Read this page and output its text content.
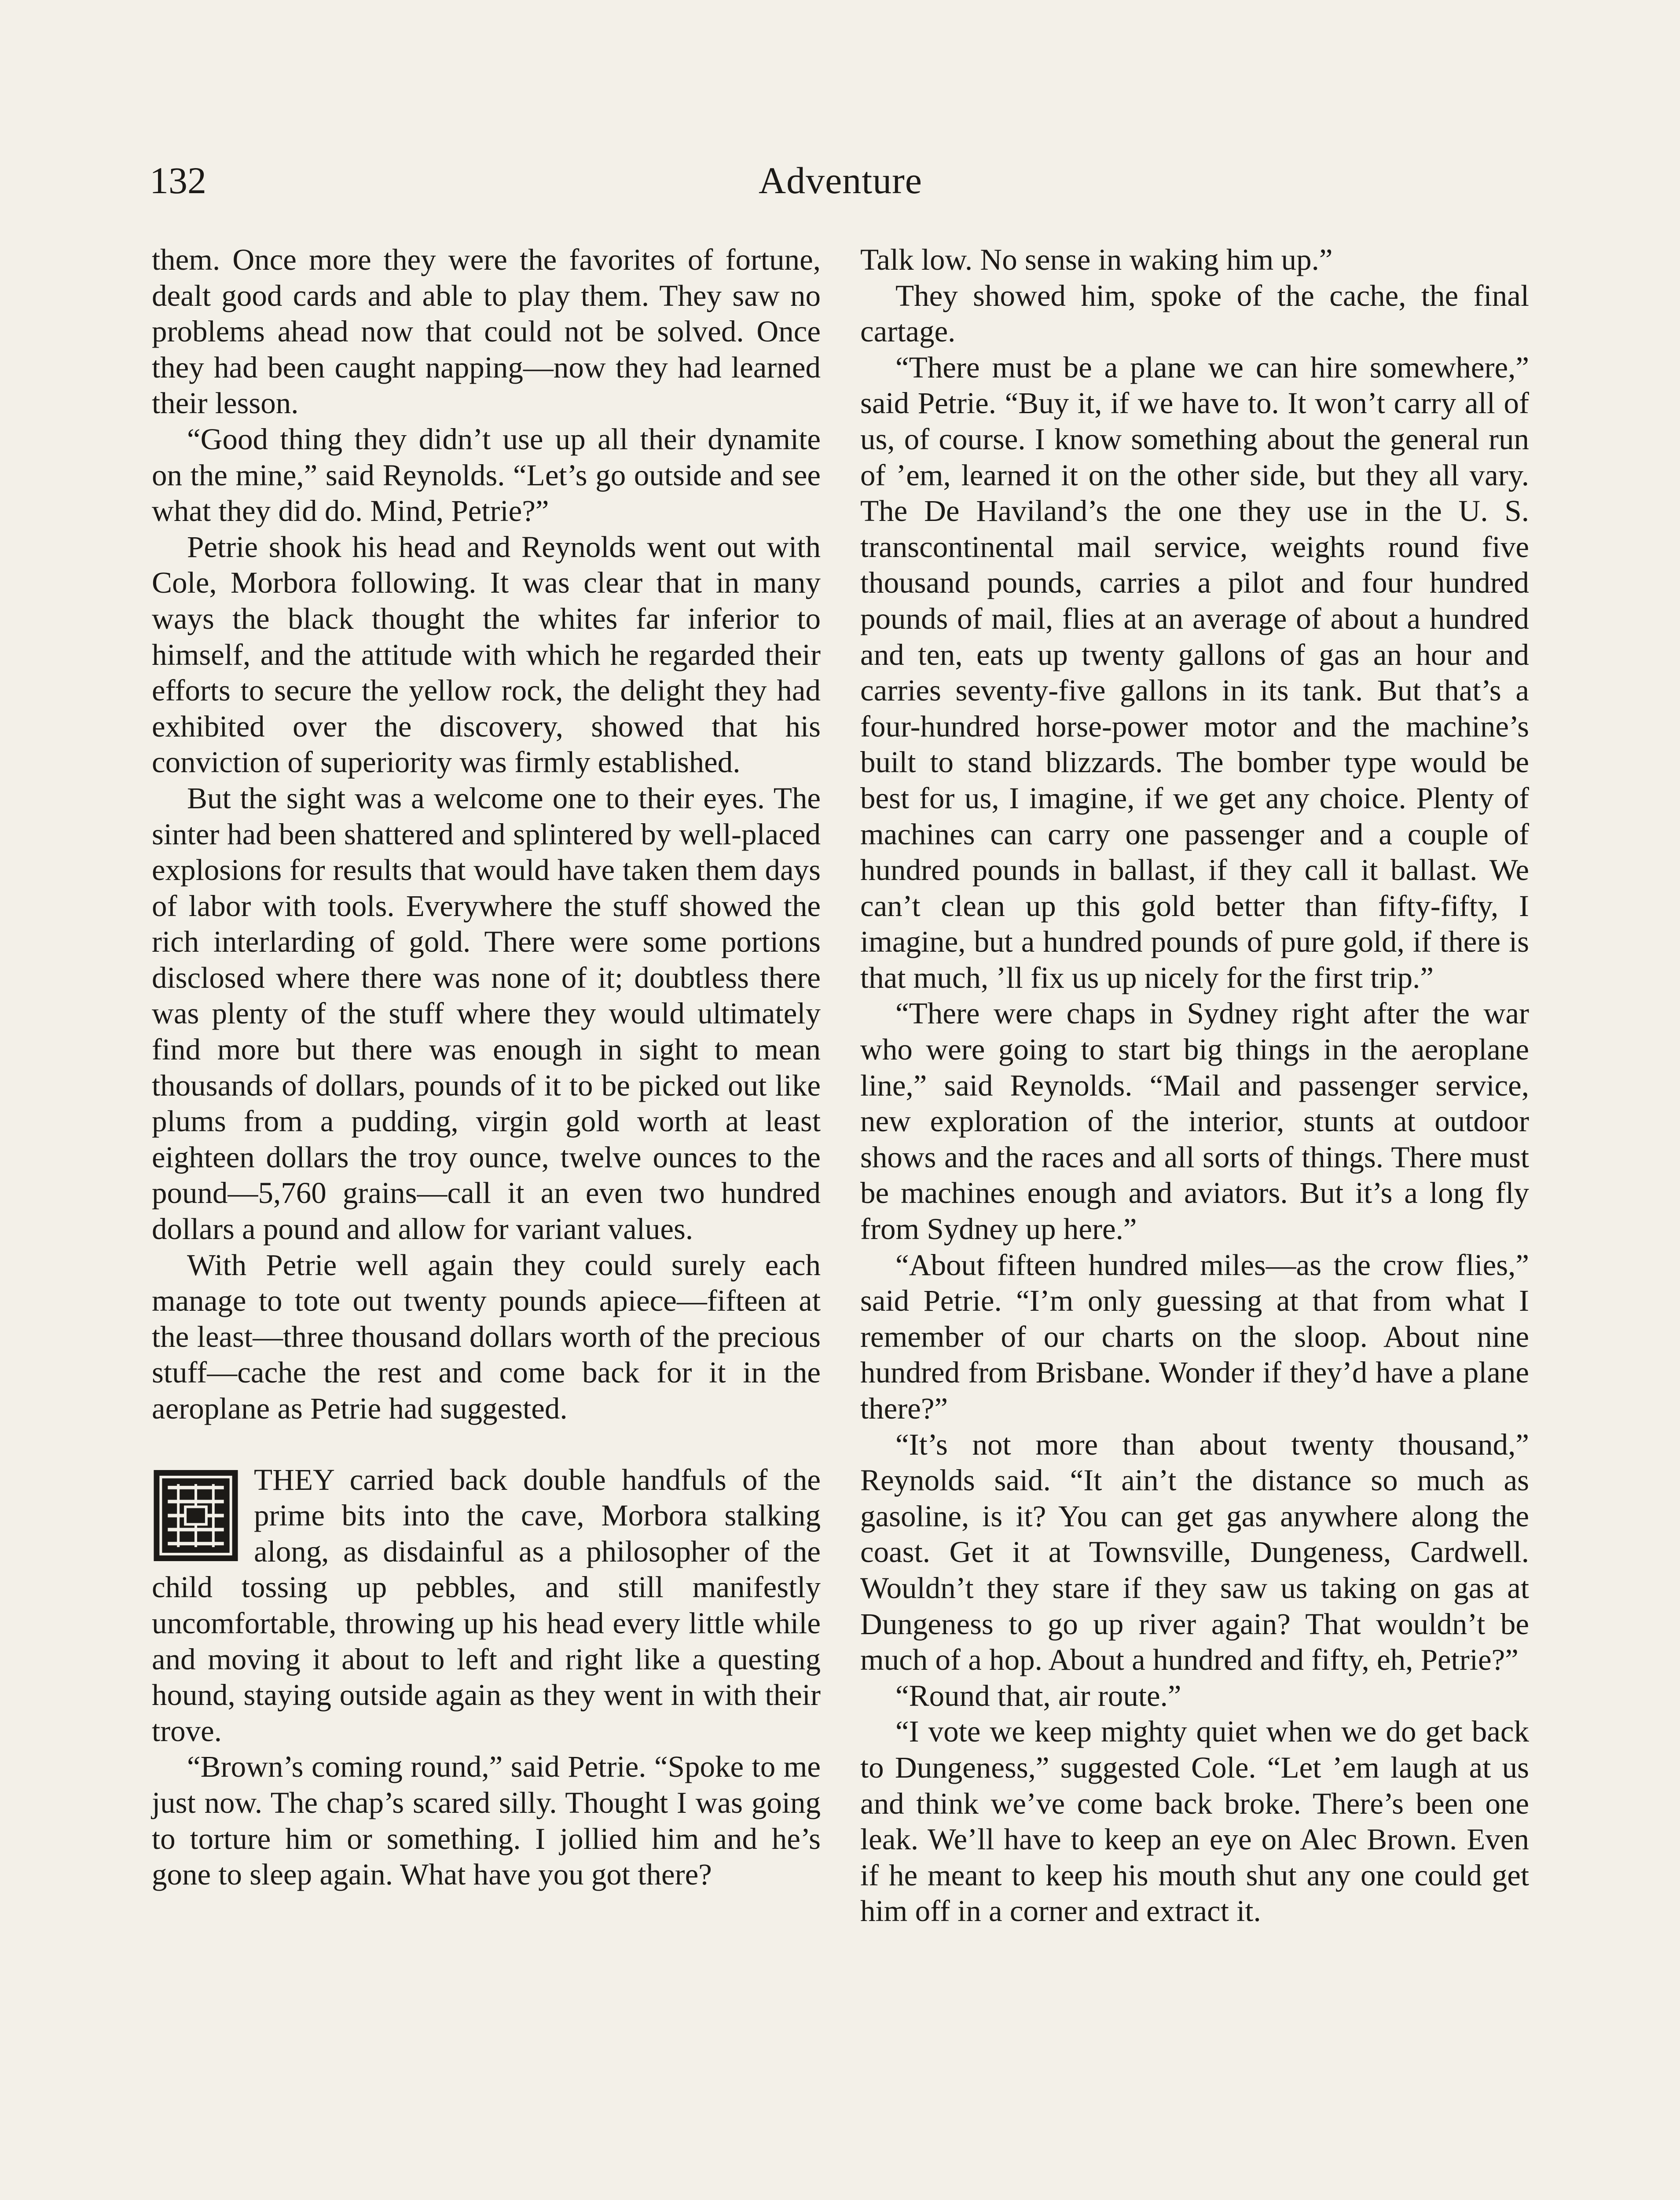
132	Adventure

them. Once more they were the favorites of fortune, dealt good cards and able to play them. They saw no problems ahead now that could not be solved. Once they had been caught napping—now they had learned their lesson.

“Good thing they didn’t use up all their dynamite on the mine,” said Reynolds. “Let’s go outside and see what they did do. Mind, Petrie?”

Petrie shook his head and Reynolds went out with Cole, Morbora following. It was clear that in many ways the black thought the whites far inferior to himself, and the attitude with which he regarded their efforts to secure the yellow rock, the delight they had exhibited over the discovery, showed that his conviction of superiority was firmly established.

But the sight was a welcome one to their eyes. The sinter had been shattered and splintered by well-placed explosions for results that would have taken them days of labor with tools. Everywhere the stuff showed the rich interlarding of gold. There were some portions disclosed where there was none of it; doubtless there was plenty of the stuff where they would ultimately find more but there was enough in sight to mean thousands of dollars, pounds of it to be picked out like plums from a pudding, virgin gold worth at least eighteen dollars the troy ounce, twelve ounces to the pound—5,760 grains—call it an even two hundred dollars a pound and allow for variant values.

With Petrie well again they could surely each manage to tote out twenty pounds apiece—fifteen at the least—three thousand dollars worth of the precious stuff—cache the rest and come back for it in the aeroplane as Petrie had suggested.

THEY carried back double handfuls of the prime bits into the cave, Morbora stalking along, as disdainful as a philosopher of the child tossing up pebbles, and still manifestly uncomfortable, throwing up his head every little while and moving it about to left and right like a questing hound, staying outside again as they went in with their trove.

“Brown’s coming round,” said Petrie. “Spoke to me just now. The chap’s scared silly. Thought I was going to torture him or something. I jollied him and he’s gone to sleep again. What have you got there?

Talk low. No sense in waking him up.”

They showed him, spoke of the cache, the final cartage.

“There must be a plane we can hire somewhere,” said Petrie. “Buy it, if we have to. It won’t carry all of us, of course. I know something about the general run of ’em, learned it on the other side, but they all vary. The De Haviland’s the one they use in the U. S. transcontinental mail service, weights round five thousand pounds, carries a pilot and four hundred pounds of mail, flies at an average of about a hundred and ten, eats up twenty gallons of gas an hour and carries seventy-five gallons in its tank. But that’s a four-hundred horse-power motor and the machine’s built to stand blizzards. The bomber type would be best for us, I imagine, if we get any choice. Plenty of machines can carry one passenger and a couple of hundred pounds in ballast, if they call it ballast. We can’t clean up this gold better than fifty-fifty, I imagine, but a hundred pounds of pure gold, if there is that much, ’ll fix us up nicely for the first trip.”

“There were chaps in Sydney right after the war who were going to start big things in the aeroplane line,” said Reynolds. “Mail and passenger service, new exploration of the interior, stunts at outdoor shows and the races and all sorts of things. There must be machines enough and aviators. But it’s a long fly from Sydney up here.”

“About fifteen hundred miles—as the crow flies,” said Petrie. “I’m only guessing at that from what I remember of our charts on the sloop. About nine hundred from Brisbane. Wonder if they’d have a plane there?”

“It’s not more than about twenty thousand,” Reynolds said. “It ain’t the distance so much as gasoline, is it? You can get gas anywhere along the coast. Get it at Townsville, Dungeness, Cardwell. Wouldn’t they stare if they saw us taking on gas at Dungeness to go up river again? That wouldn’t be much of a hop. About a hundred and fifty, eh, Petrie?”

“Round that, air route.”

“I vote we keep mighty quiet when we do get back to Dungeness,” suggested Cole. “Let ’em laugh at us and think we’ve come back broke. There’s been one leak. We’ll have to keep an eye on Alec Brown. Even if he meant to keep his mouth shut any one could get him off in a corner and extract it.
